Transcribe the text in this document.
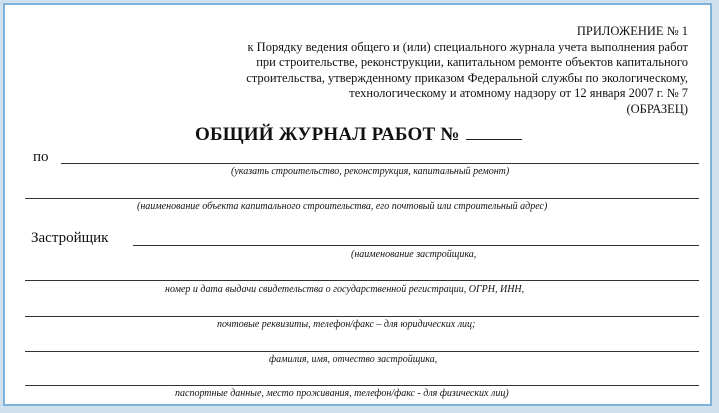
ПРИЛОЖЕНИЕ № 1
к Порядку ведения общего и (или) специального журнала учета выполнения работ
при строительстве, реконструкции, капитальном ремонте объектов капитального
строительства, утвержденному приказом Федеральной службы по экологическому,
технологическому и атомному надзору от 12 января 2007 г. № 7
(ОБРАЗЕЦ)
ОБЩИЙ ЖУРНАЛ РАБОТ №
по
(указать строительство, реконструкция, капитальный ремонт)
(наименование объекта капитального строительства, его почтовый или строительный адрес)
Застройщик
(наименование застройщика,
номер и дата выдачи свидетельства о государственной регистрации, ОГРН, ИНН,
почтовые реквизиты, телефон/факс – для юридических лиц;
фамилия, имя, отчество застройщика,
паспортные данные, место проживания, телефон/факс - для физических лиц)
